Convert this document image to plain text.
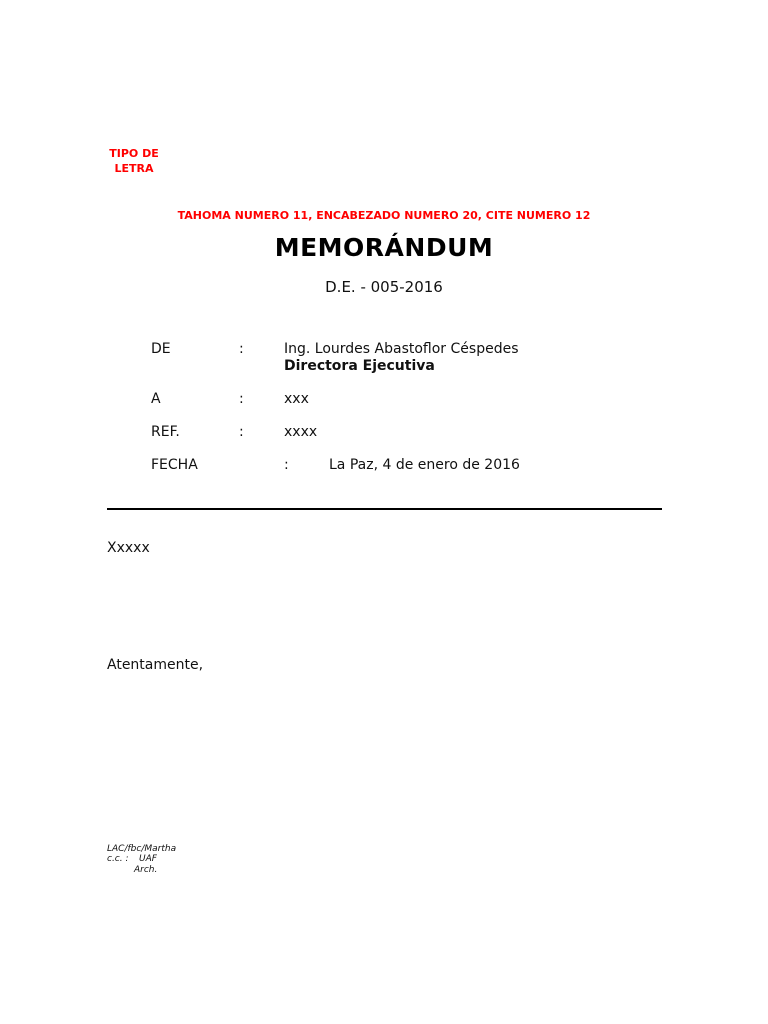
TIPO DE LETRA
TAHOMA NUMERO 11, ENCABEZADO NUMERO 20, CITE NUMERO 12
MEMORÁNDUM
D.E. - 005-2016
DE	:	Ing. Lourdes Abastoflor Céspedes
Directora Ejecutiva
A	:	xxx
REF.	:	xxxx
FECHA	:	La Paz, 4 de enero de 2016
Xxxxx
Atentamente,
LAC/fbc/Martha
c.c. : UAF
Arch.
